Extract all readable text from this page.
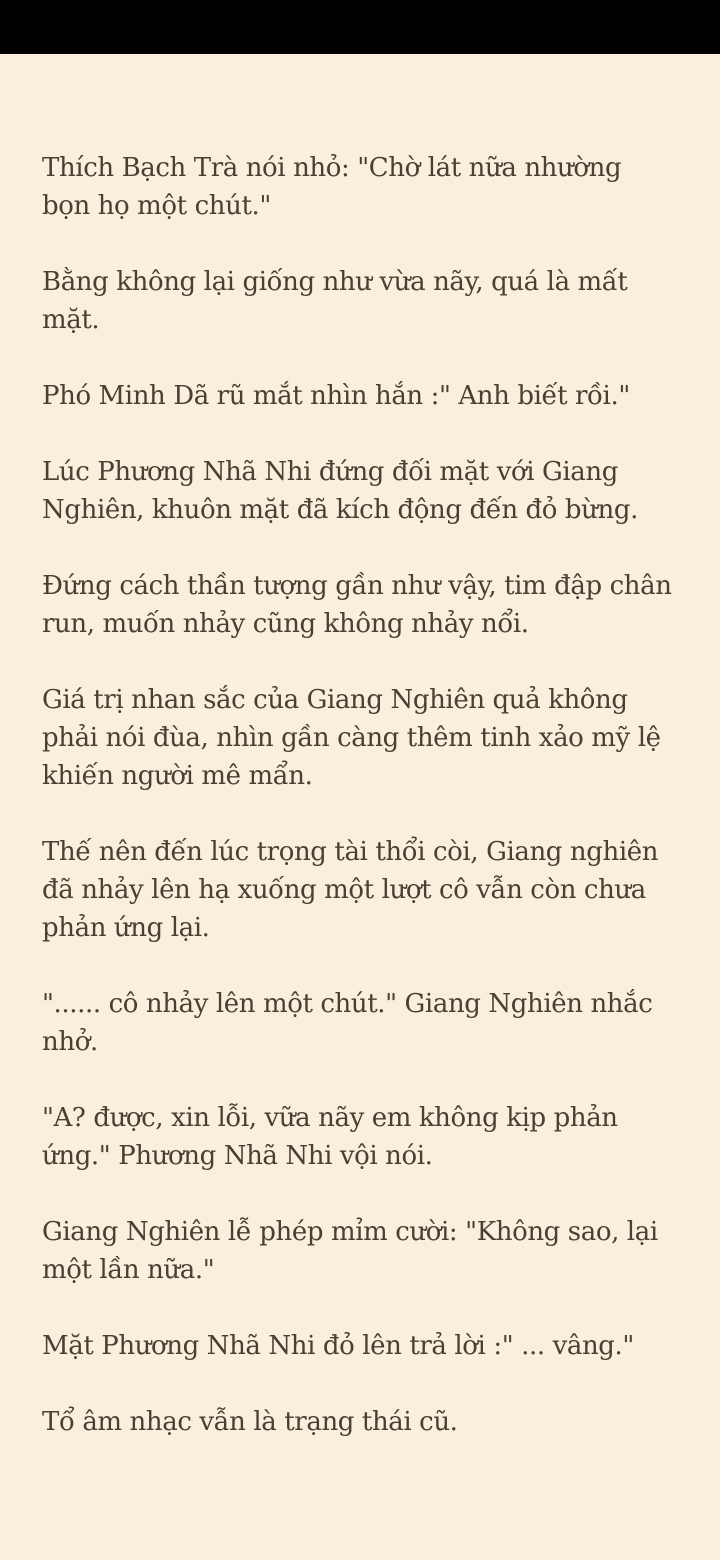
Thích Bạch Trà nói nhỏ: "Chờ lát nữa nhường bọn họ một chút."

Bằng không lại giống như vừa nãy, quá là mất mặt.

Phó Minh Dã rũ mắt nhìn hắn :" Anh biết rồi."

Lúc Phương Nhã Nhi đứng đối mặt với Giang Nghiên, khuôn mặt đã kích động đến đỏ bừng.

Đứng cách thần tượng gần như vậy, tim đập chân run, muốn nhảy cũng không nhảy nổi.

Giá trị nhan sắc của Giang Nghiên quả không phải nói đùa, nhìn gần càng thêm tinh xảo mỹ lệ khiến người mê mẩn.

Thế nên đến lúc trọng tài thổi còi, Giang nghiên đã nhảy lên hạ xuống một lượt cô vẫn còn chưa phản ứng lại.

"...... cô nhảy lên một chút." Giang Nghiên nhắc nhở.

"A? được, xin lỗi, vữa nãy em không kịp phản ứng." Phương Nhã Nhi vội nói.

Giang Nghiên lễ phép mỉm cười: "Không sao, lại một lần nữa."

Mặt Phương Nhã Nhi đỏ lên trả lời :" ... vâng."

Tổ âm nhạc vẫn là trạng thái cũ.
